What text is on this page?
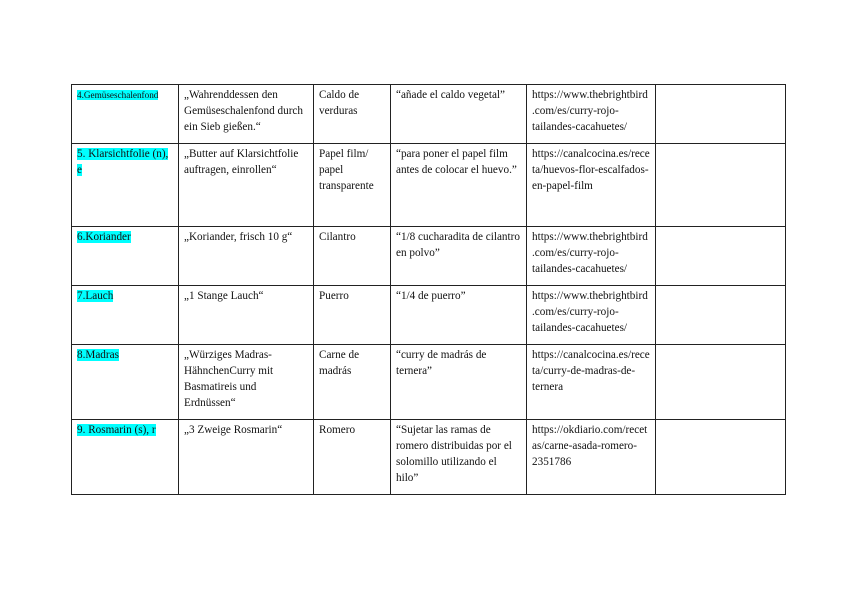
4.Gemüseschalenfond	„Wahrenddessen den Gemüseschalenfond durch ein Sieb gießen.“	Caldo de verduras	“añade el caldo vegetal”	https://www.thebrightbird.com/es/curry-rojo-tailandes-cacahuetes/	
5. Klarsichtfolie (n), e	„Butter auf Klarsichtfolie auftragen, einrollen“	Papel film/ papel transparente	“para poner el papel film antes de colocar el huevo.”	https://canalcocina.es/receta/huevos-flor-escalfados-en-papel-film	
6.Koriander	„Koriander, frisch 10 g“	Cilantro	“1/8 cucharadita de cilantro en polvo”	https://www.thebrightbird.com/es/curry-rojo-tailandes-cacahuetes/	
7.Lauch	„1 Stange Lauch“	Puerro	“1/4 de puerro”	https://www.thebrightbird.com/es/curry-rojo-tailandes-cacahuetes/	
8.Madras	„Würziges Madras-HähnchenCurry mit Basmatireis und Erdnüssen“	Carne de madrás	“curry de madrás de ternera”	https://canalcocina.es/receta/curry-de-madras-de-ternera	
9. Rosmarin (s), r	„3 Zweige Rosmarin“	Romero	“Sujetar las ramas de romero distribuidas por el solomillo utilizando el hilo”	https://okdiario.com/recetas/carne-asada-romero-2351786	
